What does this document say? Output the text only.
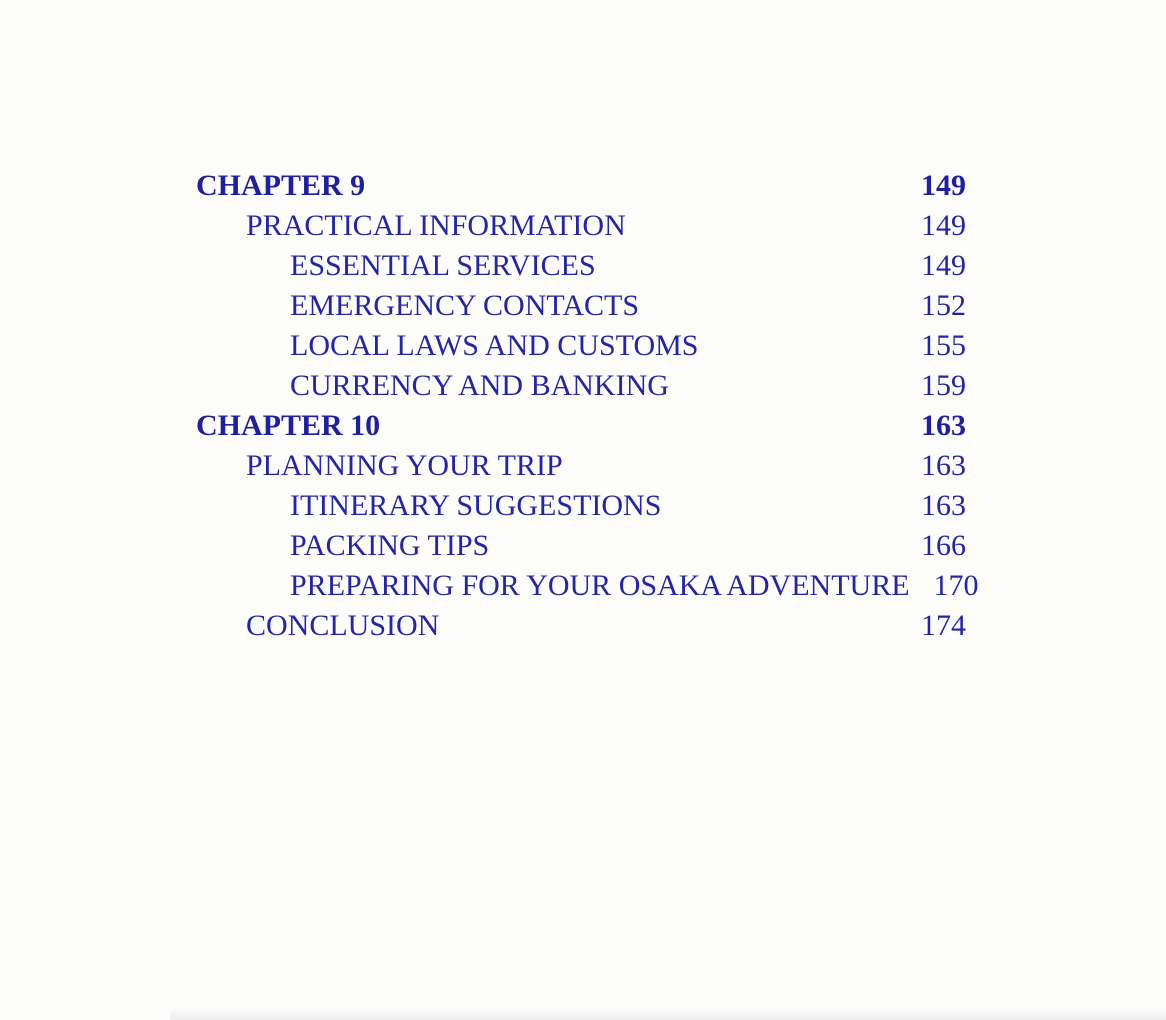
CHAPTER 9	149
PRACTICAL INFORMATION	149
ESSENTIAL SERVICES	149
EMERGENCY CONTACTS	152
LOCAL LAWS AND CUSTOMS	155
CURRENCY AND BANKING	159
CHAPTER 10	163
PLANNING YOUR TRIP	163
ITINERARY SUGGESTIONS	163
PACKING TIPS	166
PREPARING FOR YOUR OSAKA ADVENTURE 170
CONCLUSION	174
